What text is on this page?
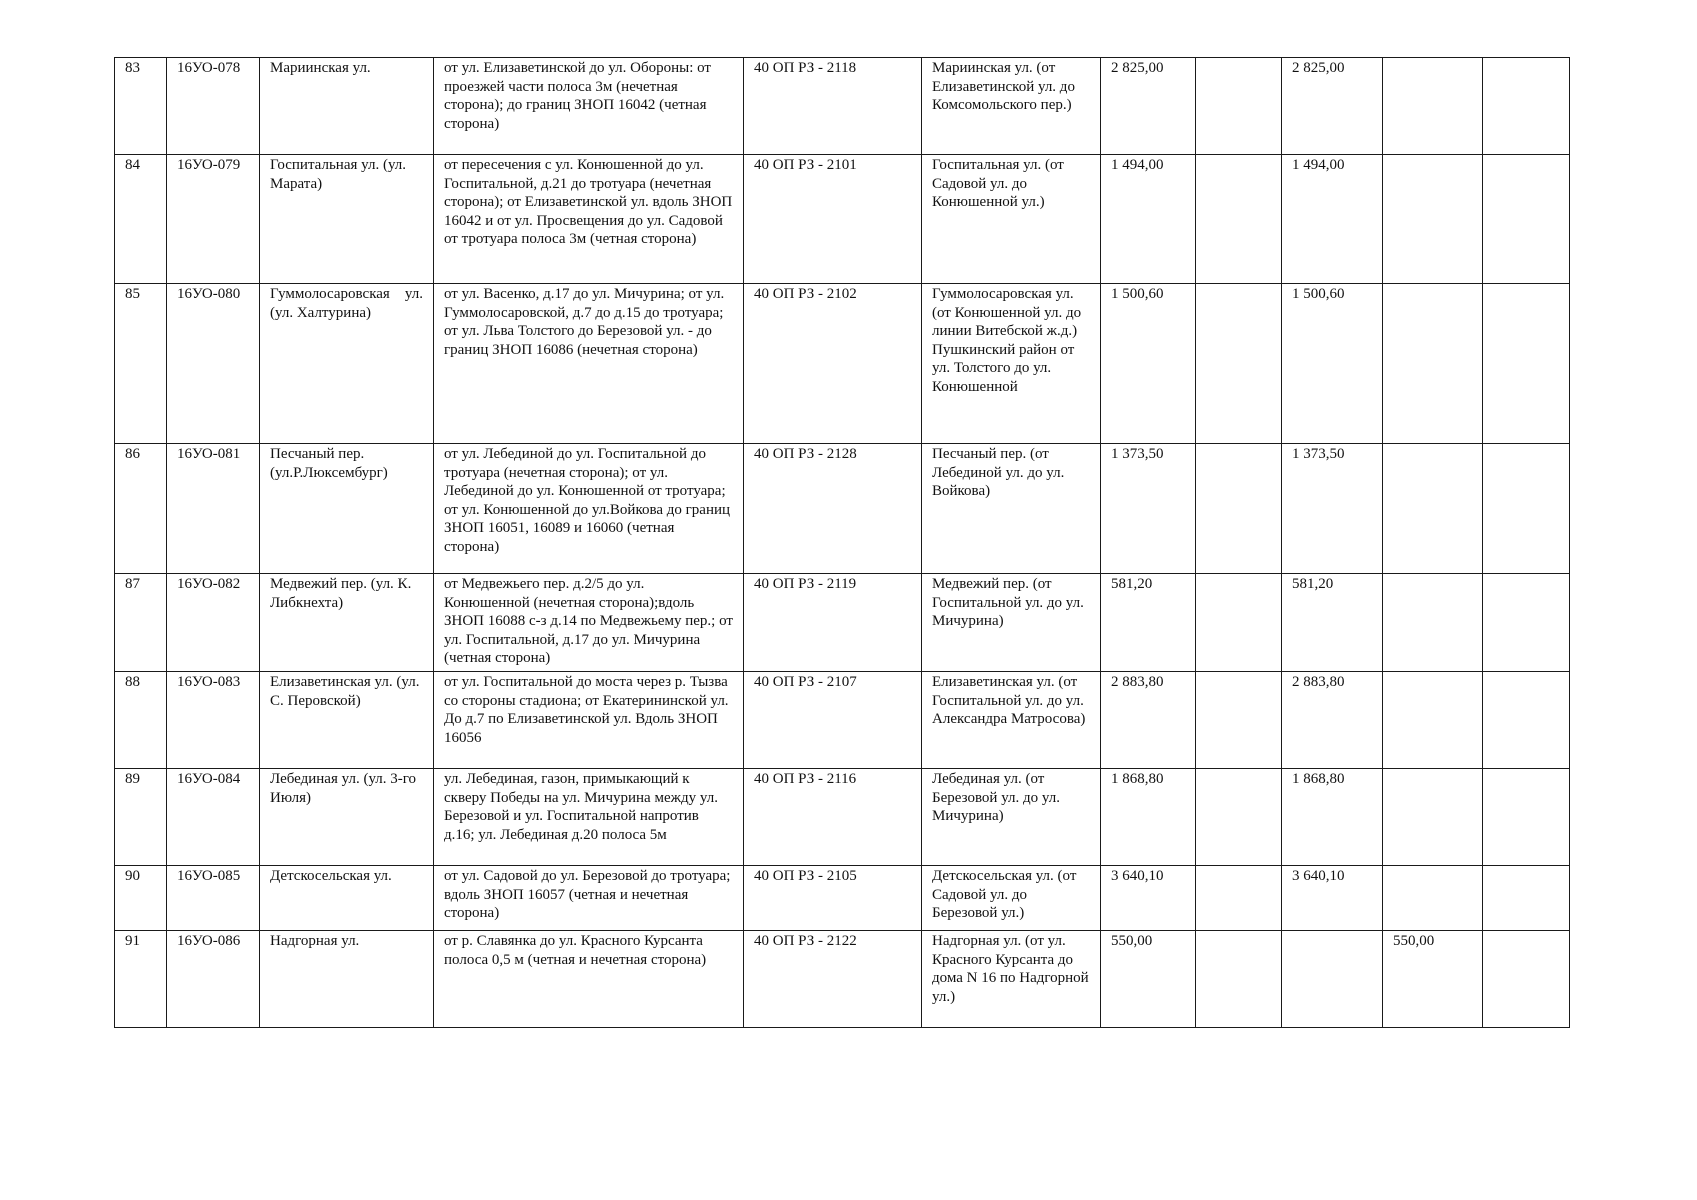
83	16УО-078	Мариинская ул.	от ул. Елизаветинской до ул. Обороны: от проезжей части полоса 3м (нечетная сторона); до границ ЗНОП 16042 (четная сторона)	40 ОП РЗ - 2118	Мариинская ул. (от Елизаветинской ул. до Комсомольского пер.)	2 825,00		2 825,00		
84	16УО-079	Госпитальная ул. (ул. Марата)	от пересечения с ул. Конюшенной до ул. Госпитальной, д.21 до тротуара (нечетная сторона); от Елизаветинской ул. вдоль ЗНОП 16042 и от ул. Просвещения до ул. Садовой от тротуара полоса 3м (четная сторона)	40 ОП РЗ - 2101	Госпитальная ул. (от Садовой ул. до Конюшенной ул.)	1 494,00		1 494,00		
85	16УО-080	Гуммолосаровская ул. (ул. Халтурина)	от ул. Васенко, д.17 до ул. Мичурина; от ул. Гуммолосаровской, д.7 до д.15 до тротуара; от ул. Льва Толстого до Березовой ул. - до границ ЗНОП 16086 (нечетная сторона)	40 ОП РЗ - 2102	Гуммолосаровская ул. (от Конюшенной ул. до линии Витебской ж.д.) Пушкинский район от ул. Толстого до ул. Конюшенной	1 500,60		1 500,60		
86	16УО-081	Песчаный пер. (ул.Р.Люксембург)	от ул. Лебединой до ул. Госпитальной до тротуара (нечетная сторона); от ул. Лебединой до ул. Конюшенной от тротуара; от ул. Конюшенной до ул.Войкова до границ ЗНОП 16051, 16089 и 16060 (четная сторона)	40 ОП РЗ - 2128	Песчаный пер. (от Лебединой ул. до ул. Войкова)	1 373,50		1 373,50		
87	16УО-082	Медвежий пер. (ул. К. Либкнехта)	от Медвежьего пер. д.2/5 до ул. Конюшенной (нечетная сторона);вдоль ЗНОП 16088 с-з д.14 по Медвежьему пер.; от ул. Госпитальной, д.17 до ул. Мичурина (четная сторона)	40 ОП РЗ - 2119	Медвежий пер. (от Госпитальной ул. до ул. Мичурина)	581,20		581,20		
88	16УО-083	Елизаветинская ул. (ул. С. Перовской)	от ул. Госпитальной до моста через р. Тызва со стороны стадиона; от Екатерининской ул. До д.7 по Елизаветинской ул. Вдоль ЗНОП 16056	40 ОП РЗ - 2107	Елизаветинская ул. (от Госпитальной ул. до ул. Александра Матросова)	2 883,80		2 883,80		
89	16УО-084	Лебединая ул. (ул. 3-го Июля)	ул. Лебединая, газон, примыкающий к скверу Победы на ул. Мичурина между ул. Березовой и ул. Госпитальной напротив д.16; ул. Лебединая д.20 полоса 5м	40 ОП РЗ - 2116	Лебединая ул. (от Березовой ул. до ул. Мичурина)	1 868,80		1 868,80		
90	16УО-085	Детскосельская ул.	от ул. Садовой до ул. Березовой до тротуара; вдоль ЗНОП 16057 (четная и нечетная сторона)	40 ОП РЗ - 2105	Детскосельская ул. (от Садовой ул. до Березовой ул.)	3 640,10		3 640,10		
91	16УО-086	Надгорная ул.	от р. Славянка до ул. Красного Курсанта полоса 0,5 м (четная и нечетная сторона)	40 ОП РЗ - 2122	Надгорная ул. (от ул. Красного Курсанта до дома N 16 по Надгорной ул.)	550,00			550,00	
